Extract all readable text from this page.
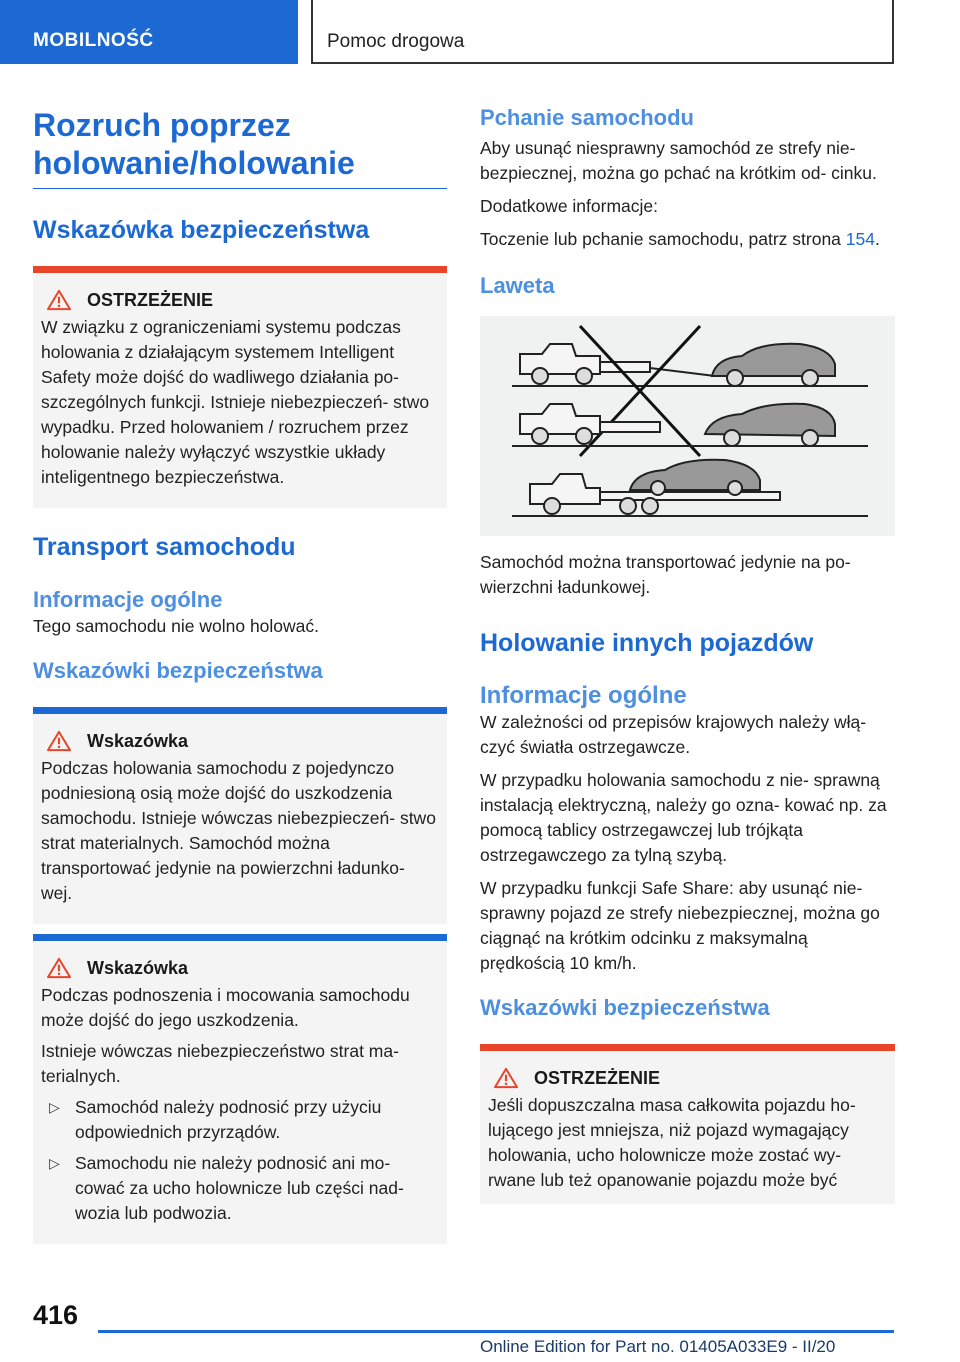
MOBILNOŚĆ	Pomoc drogowa
Rozruch poprzez holowanie/holowanie
Wskazówka bezpieczeństwa
OSTRZEŻENIE
W związku z ograniczeniami systemu podczas holowania z działającym systemem Intelligent Safety może dojść do wadliwego działania po- szczególnych funkcji. Istnieje niebezpieczeń- stwo wypadku. Przed holowaniem / rozruchem przez holowanie należy wyłączyć wszystkie układy inteligentnego bezpieczeństwa.
Transport samochodu
Informacje ogólne
Tego samochodu nie wolno holować.
Wskazówki bezpieczeństwa
Wskazówka
Podczas holowania samochodu z pojedynczo podniesioną osią może dojść do uszkodzenia samochodu. Istnieje wówczas niebezpieczeń- stwo strat materialnych. Samochód można transportować jedynie na powierzchni ładunko- wej.
Wskazówka
Podczas podnoszenia i mocowania samochodu może dojść do jego uszkodzenia.
Istnieje wówczas niebezpieczeństwo strat ma- terialnych.
▷ Samochód należy podnosić przy użyciu odpowiednich przyrządów.
▷ Samochodu nie należy podnosić ani mo- cować za ucho holownicze lub części nad- wozia lub podwozia.
Pchanie samochodu
Aby usunąć niesprawny samochód ze strefy nie- bezpiecznej, można go pchać na krótkim od- cinku.
Dodatkowe informacje:
Toczenie lub pchanie samochodu, patrz strona 154.
Laweta
Samochód można transportować jedynie na po- wierzchni ładunkowej.
Holowanie innych pojazdów
Informacje ogólne
W zależności od przepisów krajowych należy włą- czyć światła ostrzegawcze.
W przypadku holowania samochodu z nie- sprawną instalacją elektryczną, należy go ozna- kować np. za pomocą tablicy ostrzegawczej lub trójkąta ostrzegawczego za tylną szybą.
W przypadku funkcji Safe Share: aby usunąć nie- sprawny pojazd ze strefy niebezpiecznej, można go ciągnąć na krótkim odcinku z maksymalną prędkością 10 km/h.
Wskazówki bezpieczeństwa
OSTRZEŻENIE
Jeśli dopuszczalna masa całkowita pojazdu ho- lującego jest mniejsza, niż pojazd wymagający holowania, ucho holownicze może zostać wy- rwane lub też opanowanie pojazdu może być
416
Online Edition for Part no. 01405A033E9 - II/20
